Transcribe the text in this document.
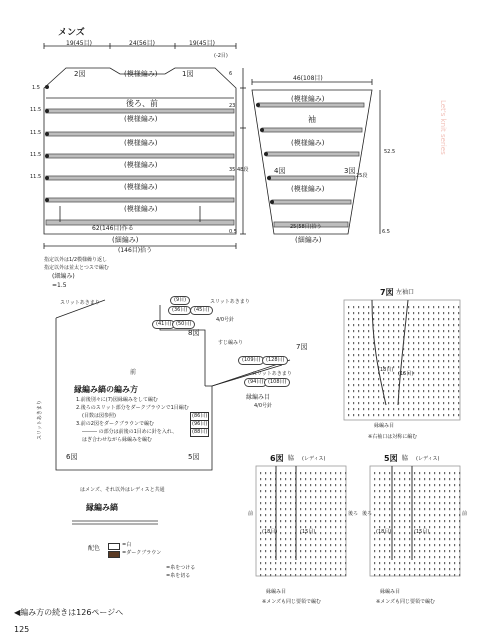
メンズ
19(45目)	24(56目)	19(45目)
(-2目)
2図	(模様編み)	1図
後ろ、前
(模様編み)
(模様編み)
(模様編み)
(模様編み)
(模様編み)
62(146目)作る
(細編み)
(146目)拾う
11.5
11.5
11.5
11.5
1.5
6
23
35 48段
0.5
指定以外は1/2模様繰り返し
指定以外は並太とつスで編む
(細編み)
=1.5
46(108目)
(模様編み)
袖
(模様編み)
4図	3図
(模様編み)
25(58目)拾う
(細編み)
52.5
25段
6.5
7図 左袖口
(18目)
(15目)
縁編み目
※右袖口は対称に編む
前
8図
7図
6図	5図
スリットあきまり	スリットあきまり
スリットあきまり
すじ編みり
4/0号針
縁編み目
4/0号針
(9目)
(36目)	(45目)
(41目) (50目)
(109目)	(128目)
(94目) (108目)
(86目)
(96目)
(88目)
スリットあきまり
はメンズ、それ以外はレディスと共通
縁編み縞の編み方
1.前後別々に(7)図縁編みをして編む
2.後ろのスリット部分をダークブラウンで1目編む
(目数は図参照)
3.前の2図をダークブラウンで編む
――― の部分は前後の1目めに針を入れ、
はぎ合わせながら縁編みを編む
縁編み縞
配色	=白
=ダークブラウン
=糸をつける
=糸を切る
6図 脇 (レディス)
(18目)	(15目)
縁編み目
※メンズも同じ要領で編む
前	後ろ
5図 脇 (レディス)
(18目)	(15目)
縁編み目
※メンズも同じ要領で編む
後ろ	前
◀編み方の続きは126ページへ
125
Let's knit series
